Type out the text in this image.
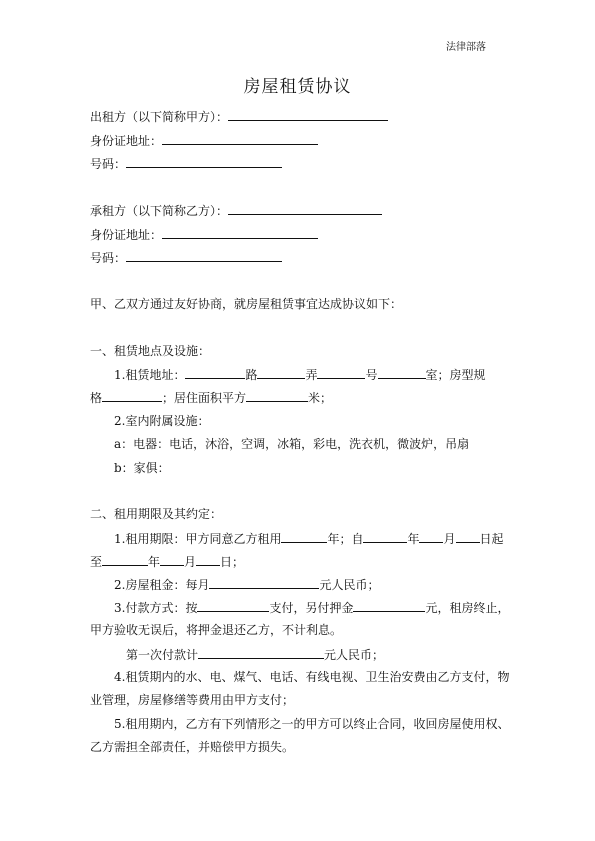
法律部落
房屋租赁协议
出租方（以下简称甲方）：
身份证地址：
号码：
承租方（以下简称乙方）：
身份证地址：
号码：
甲、乙双方通过友好协商，就房屋租赁事宜达成协议如下：
一、租赁地点及设施：
1.租赁地址：	路	弄	号	室；房型规
格	；居住面积平方	米；
2.室内附属设施：
a：电器：电话，沐浴，空调，冰箱，彩电，洗衣机，微波炉，吊扇
b：家俱：
二、租用期限及其约定：
1.租用期限：甲方同意乙方租用	年；自	年 月 日起
至	年 月 日；
2.房屋租金：每月	元人民币；
3.付款方式：按	支付，另付押金	元，租房终止，
甲方验收无误后，将押金退还乙方，不计利息。
第一次付款计	元人民币；
4.租赁期内的水、电、煤气、电话、有线电视、卫生治安费由乙方支付，物
业管理，房屋修缮等费用由甲方支付；
5.租用期内，乙方有下列情形之一的甲方可以终止合同，收回房屋使用权、
乙方需担全部责任，并赔偿甲方损失。
